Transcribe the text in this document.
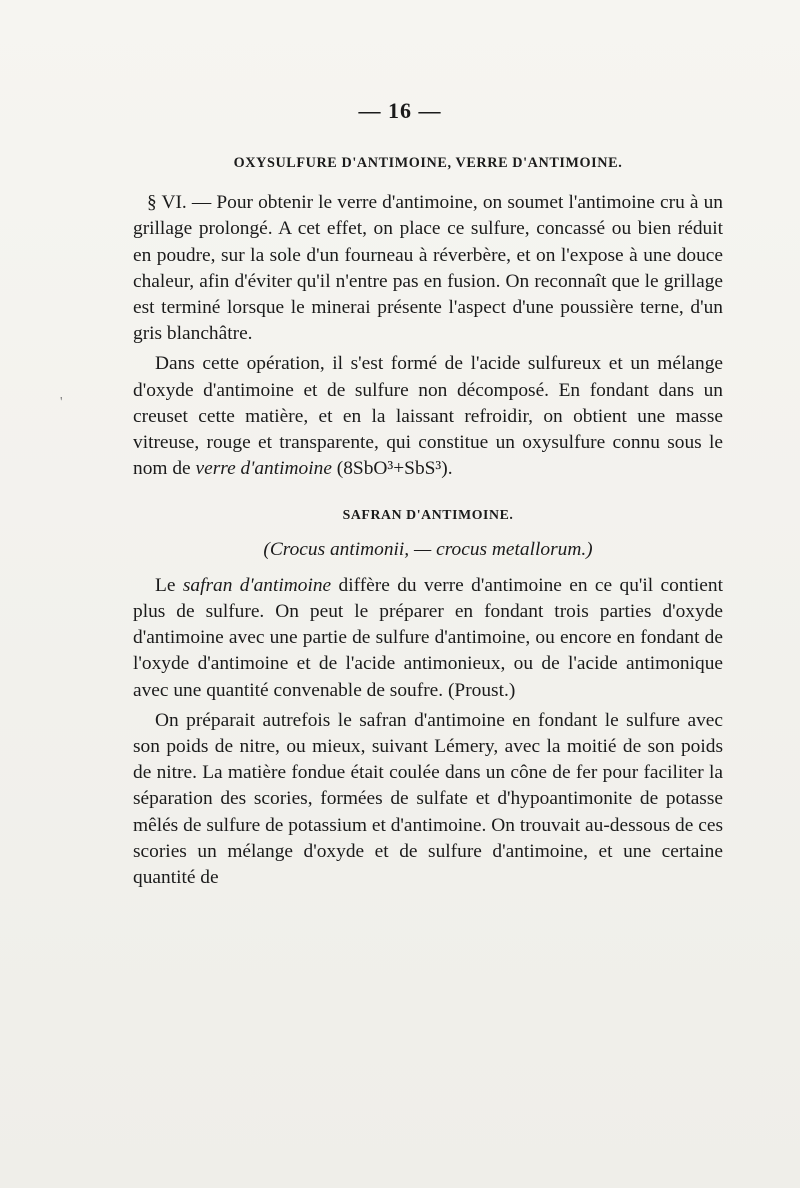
— 16 —
'
OXYSULFURE D'ANTIMOINE, VERRE D'ANTIMOINE.

§ VI. — Pour obtenir le verre d'antimoine, on soumet l'antimoine cru à un grillage prolongé. A cet effet, on place ce sulfure, concassé ou bien réduit en poudre, sur la sole d'un fourneau à réverbère, et on l'expose à une douce chaleur, afin d'éviter qu'il n'entre pas en fusion. On reconnaît que le grillage est terminé lorsque le minerai présente l'aspect d'une poussière terne, d'un gris blanchâtre.

Dans cette opération, il s'est formé de l'acide sulfureux et un mélange d'oxyde d'antimoine et de sulfure non décomposé. En fondant dans un creuset cette matière, et en la laissant refroidir, on obtient une masse vitreuse, rouge et transparente, qui constitue un oxysulfure connu sous le nom de verre d'antimoine (8SbO³+SbS³).

SAFRAN D'ANTIMOINE.
(Crocus antimonii, — crocus metallorum.)

Le safran d'antimoine diffère du verre d'antimoine en ce qu'il contient plus de sulfure. On peut le préparer en fondant trois parties d'oxyde d'antimoine avec une partie de sulfure d'antimoine, ou encore en fondant de l'oxyde d'antimoine et de l'acide antimonieux, ou de l'acide antimonique avec une quantité convenable de soufre. (Proust.)

On préparait autrefois le safran d'antimoine en fondant le sulfure avec son poids de nitre, ou mieux, suivant Lémery, avec la moitié de son poids de nitre. La matière fondue était coulée dans un cône de fer pour faciliter la séparation des scories, formées de sulfate et d'hypoantimonite de potasse mêlés de sulfure de potassium et d'antimoine. On trouvait au-dessous de ces scories un mélange d'oxyde et de sulfure d'antimoine, et une certaine quantité de
